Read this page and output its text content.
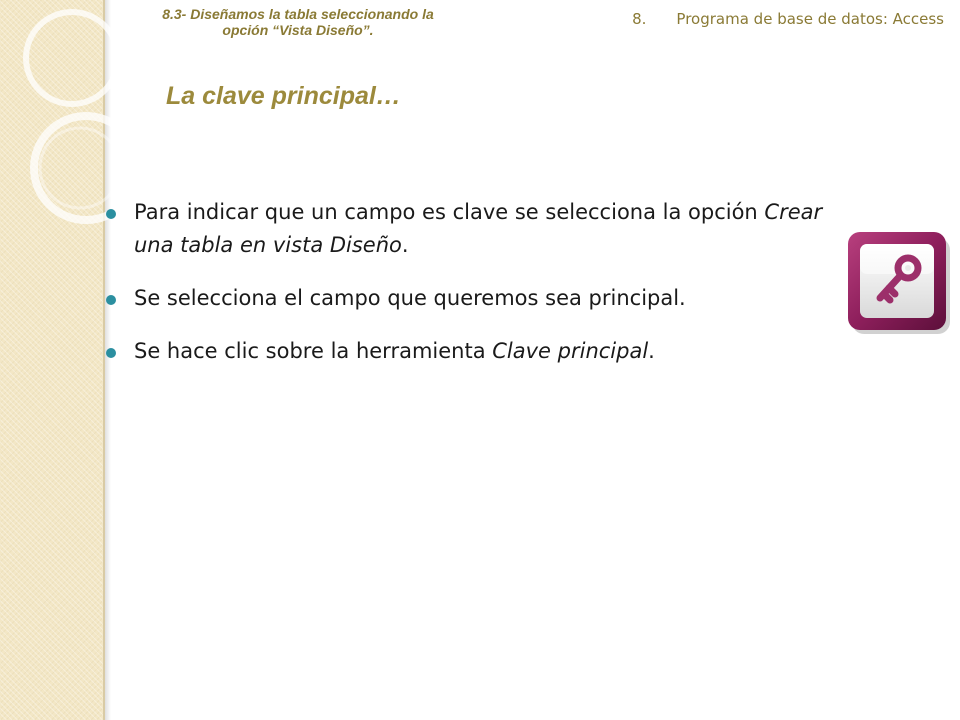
8.3- Diseñamos la tabla seleccionando la
opción “Vista Diseño”.
8. Programa de base de datos: Access
La clave principal…
Para indicar que un campo es clave se selecciona la opción Crear una tabla en vista Diseño.
Se selecciona el campo que queremos sea principal.
Se hace clic sobre la herramienta Clave principal.
